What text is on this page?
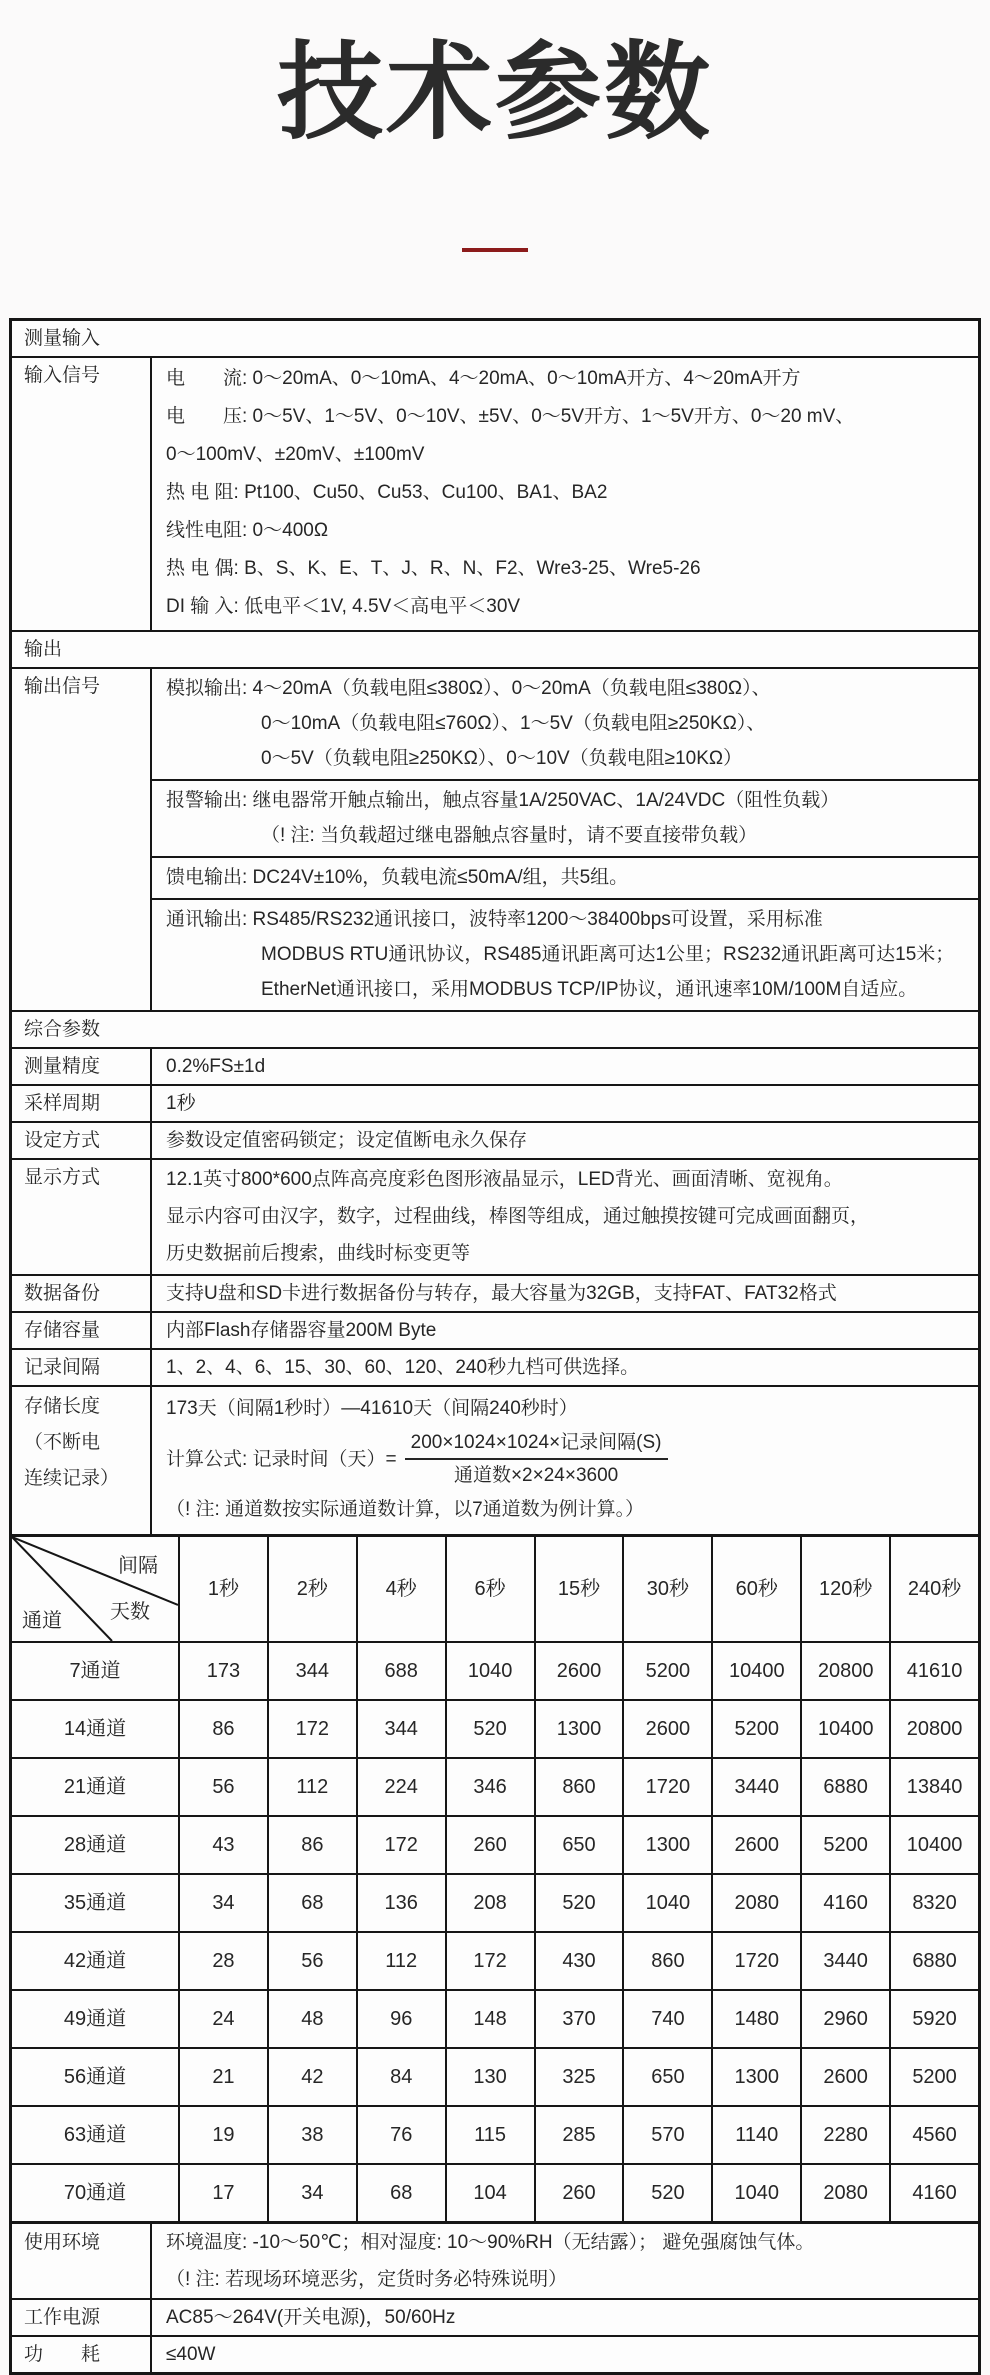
技术参数
测量输入
输入信号	电　　流: 0～20mA、0～10mA、4～20mA、0～10mA开方、4～20mA开方
电　　压: 0～5V、1～5V、0～10V、±5V、0～5V开方、1～5V开方、0～20 mV、
0～100mV、±20mV、±100mV
热 电 阻: Pt100、Cu50、Cu53、Cu100、BA1、BA2
线性电阻: 0～400Ω
热 电 偶: B、S、K、E、T、J、R、N、F2、Wre3-25、Wre5-26
DI 输 入: 低电平＜1V, 4.5V＜高电平＜30V
输出
输出信号	模拟输出: 4～20mA（负载电阻≤380Ω）、0～20mA（负载电阻≤380Ω）、
0～10mA（负载电阻≤760Ω）、1～5V（负载电阻≥250KΩ）、
0～5V（负载电阻≥250KΩ）、0～10V（负载电阻≥10KΩ）
报警输出: 继电器常开触点输出，触点容量1A/250VAC、1A/24VDC（阻性负载）
（! 注: 当负载超过继电器触点容量时，请不要直接带负载）
馈电输出: DC24V±10%，负载电流≤50mA/组，共5组。
通讯输出: RS485/RS232通讯接口，波特率1200～38400bps可设置，采用标准
MODBUS RTU通讯协议，RS485通讯距离可达1公里；RS232通讯距离可达15米；
EtherNet通讯接口，采用MODBUS TCP/IP协议，通讯速率10M/100M自适应。
综合参数
测量精度	0.2%FS±1d
采样周期	1秒
设定方式	参数设定值密码锁定；设定值断电永久保存
显示方式	12.1英寸800*600点阵高亮度彩色图形液晶显示，LED背光、画面清晰、宽视角。
显示内容可由汉字，数字，过程曲线，棒图等组成，通过触摸按键可完成画面翻页，
历史数据前后搜索，曲线时标变更等
数据备份	支持U盘和SD卡进行数据备份与转存，最大容量为32GB，支持FAT、FAT32格式
存储容量	内部Flash存储器容量200M Byte
记录间隔	1、2、4、6、15、30、60、120、240秒九档可供选择。
存储长度
（不断电
连续记录）
173天（间隔1秒时）—41610天（间隔240秒时）
计算公式: 记录时间（天）= $\frac{\text{200×1024×1024×记录间隔(S)}}{\text{通道数×2×24×3600}}$
（! 注: 通道数按实际通道数计算，以7通道数为例计算。）
间隔
天数
通道
1秒	2秒	4秒	6秒	15秒	30秒	60秒	120秒	240秒
7通道	173	344	688	1040	2600	5200	10400	20800	41610
14通道	86	172	344	520	1300	2600	5200	10400	20800
21通道	56	112	224	346	860	1720	3440	6880	13840
28通道	43	86	172	260	650	1300	2600	5200	10400
35通道	34	68	136	208	520	1040	2080	4160	8320
42通道	28	56	112	172	430	860	1720	3440	6880
49通道	24	48	96	148	370	740	1480	2960	5920
56通道	21	42	84	130	325	650	1300	2600	5200
63通道	19	38	76	115	285	570	1140	2280	4560
70通道	17	34	68	104	260	520	1040	2080	4160
使用环境	环境温度: -10～50℃；相对湿度: 10～90%RH（无结露）； 避免强腐蚀气体。
（! 注: 若现场环境恶劣，定货时务必特殊说明）
工作电源	AC85～264V(开关电源)，50/60Hz
功　　耗	≤40W
